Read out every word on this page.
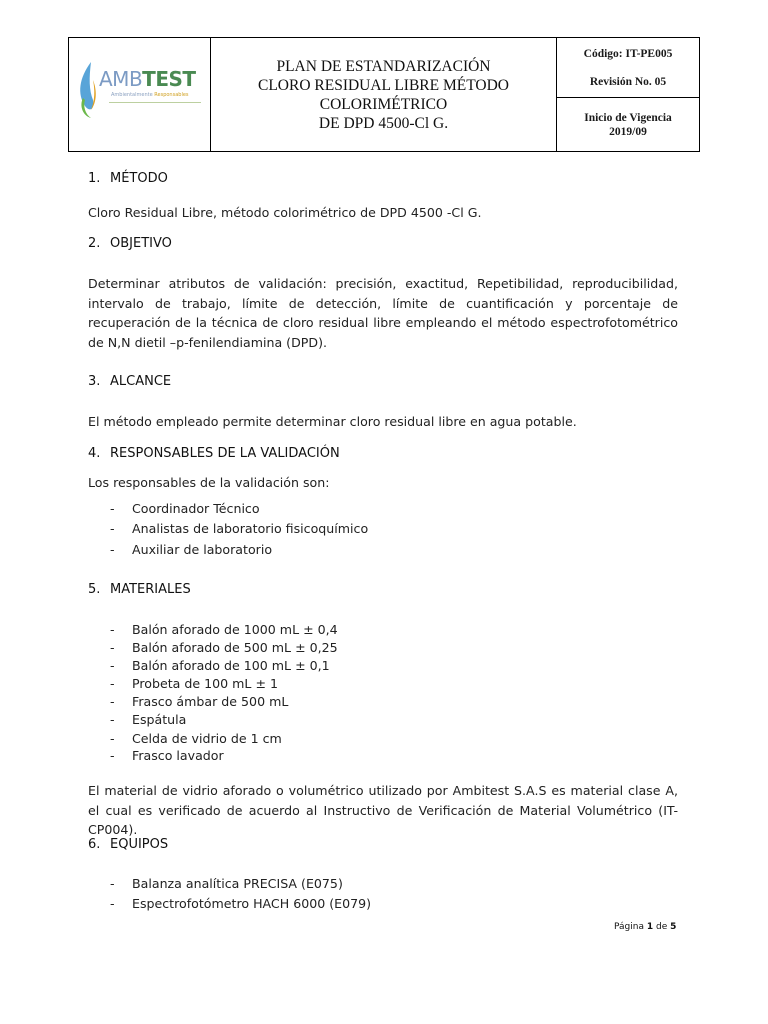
AMBTEST
Ambientalmente Responsables
PLAN DE ESTANDARIZACIÓN
CLORO RESIDUAL LIBRE MÉTODO
COLORIMÉTRICO
DE DPD 4500-Cl G.
Código: IT-PE005
Revisión No. 05
Inicio de Vigencia
2019/09
1. MÉTODO
Cloro Residual Libre, método colorimétrico de DPD 4500 -Cl G.
2. OBJETIVO
Determinar atributos de validación: precisión, exactitud, Repetibilidad, reproducibilidad, intervalo de trabajo, límite de detección, límite de cuantificación y porcentaje de recuperación de la técnica de cloro residual libre empleando el método espectrofotométrico de N,N dietil –p-fenilendiamina (DPD).
3. ALCANCE
El método empleado permite determinar cloro residual libre en agua potable.
4. RESPONSABLES DE LA VALIDACIÓN
Los responsables de la validación son:
- Coordinador Técnico
- Analistas de laboratorio fisicoquímico
- Auxiliar de laboratorio
5. MATERIALES
- Balón aforado de 1000 mL ± 0,4
- Balón aforado de 500 mL ± 0,25
- Balón aforado de 100 mL ± 0,1
- Probeta de 100 mL ± 1
- Frasco ámbar de 500 mL
- Espátula
- Celda de vidrio de 1 cm
- Frasco lavador
El material de vidrio aforado o volumétrico utilizado por Ambitest S.A.S es material clase A, el cual es verificado de acuerdo al Instructivo de Verificación de Material Volumétrico (IT-CP004).
6. EQUIPOS
- Balanza analítica PRECISA (E075)
- Espectrofotómetro HACH 6000 (E079)
Página 1 de 5
